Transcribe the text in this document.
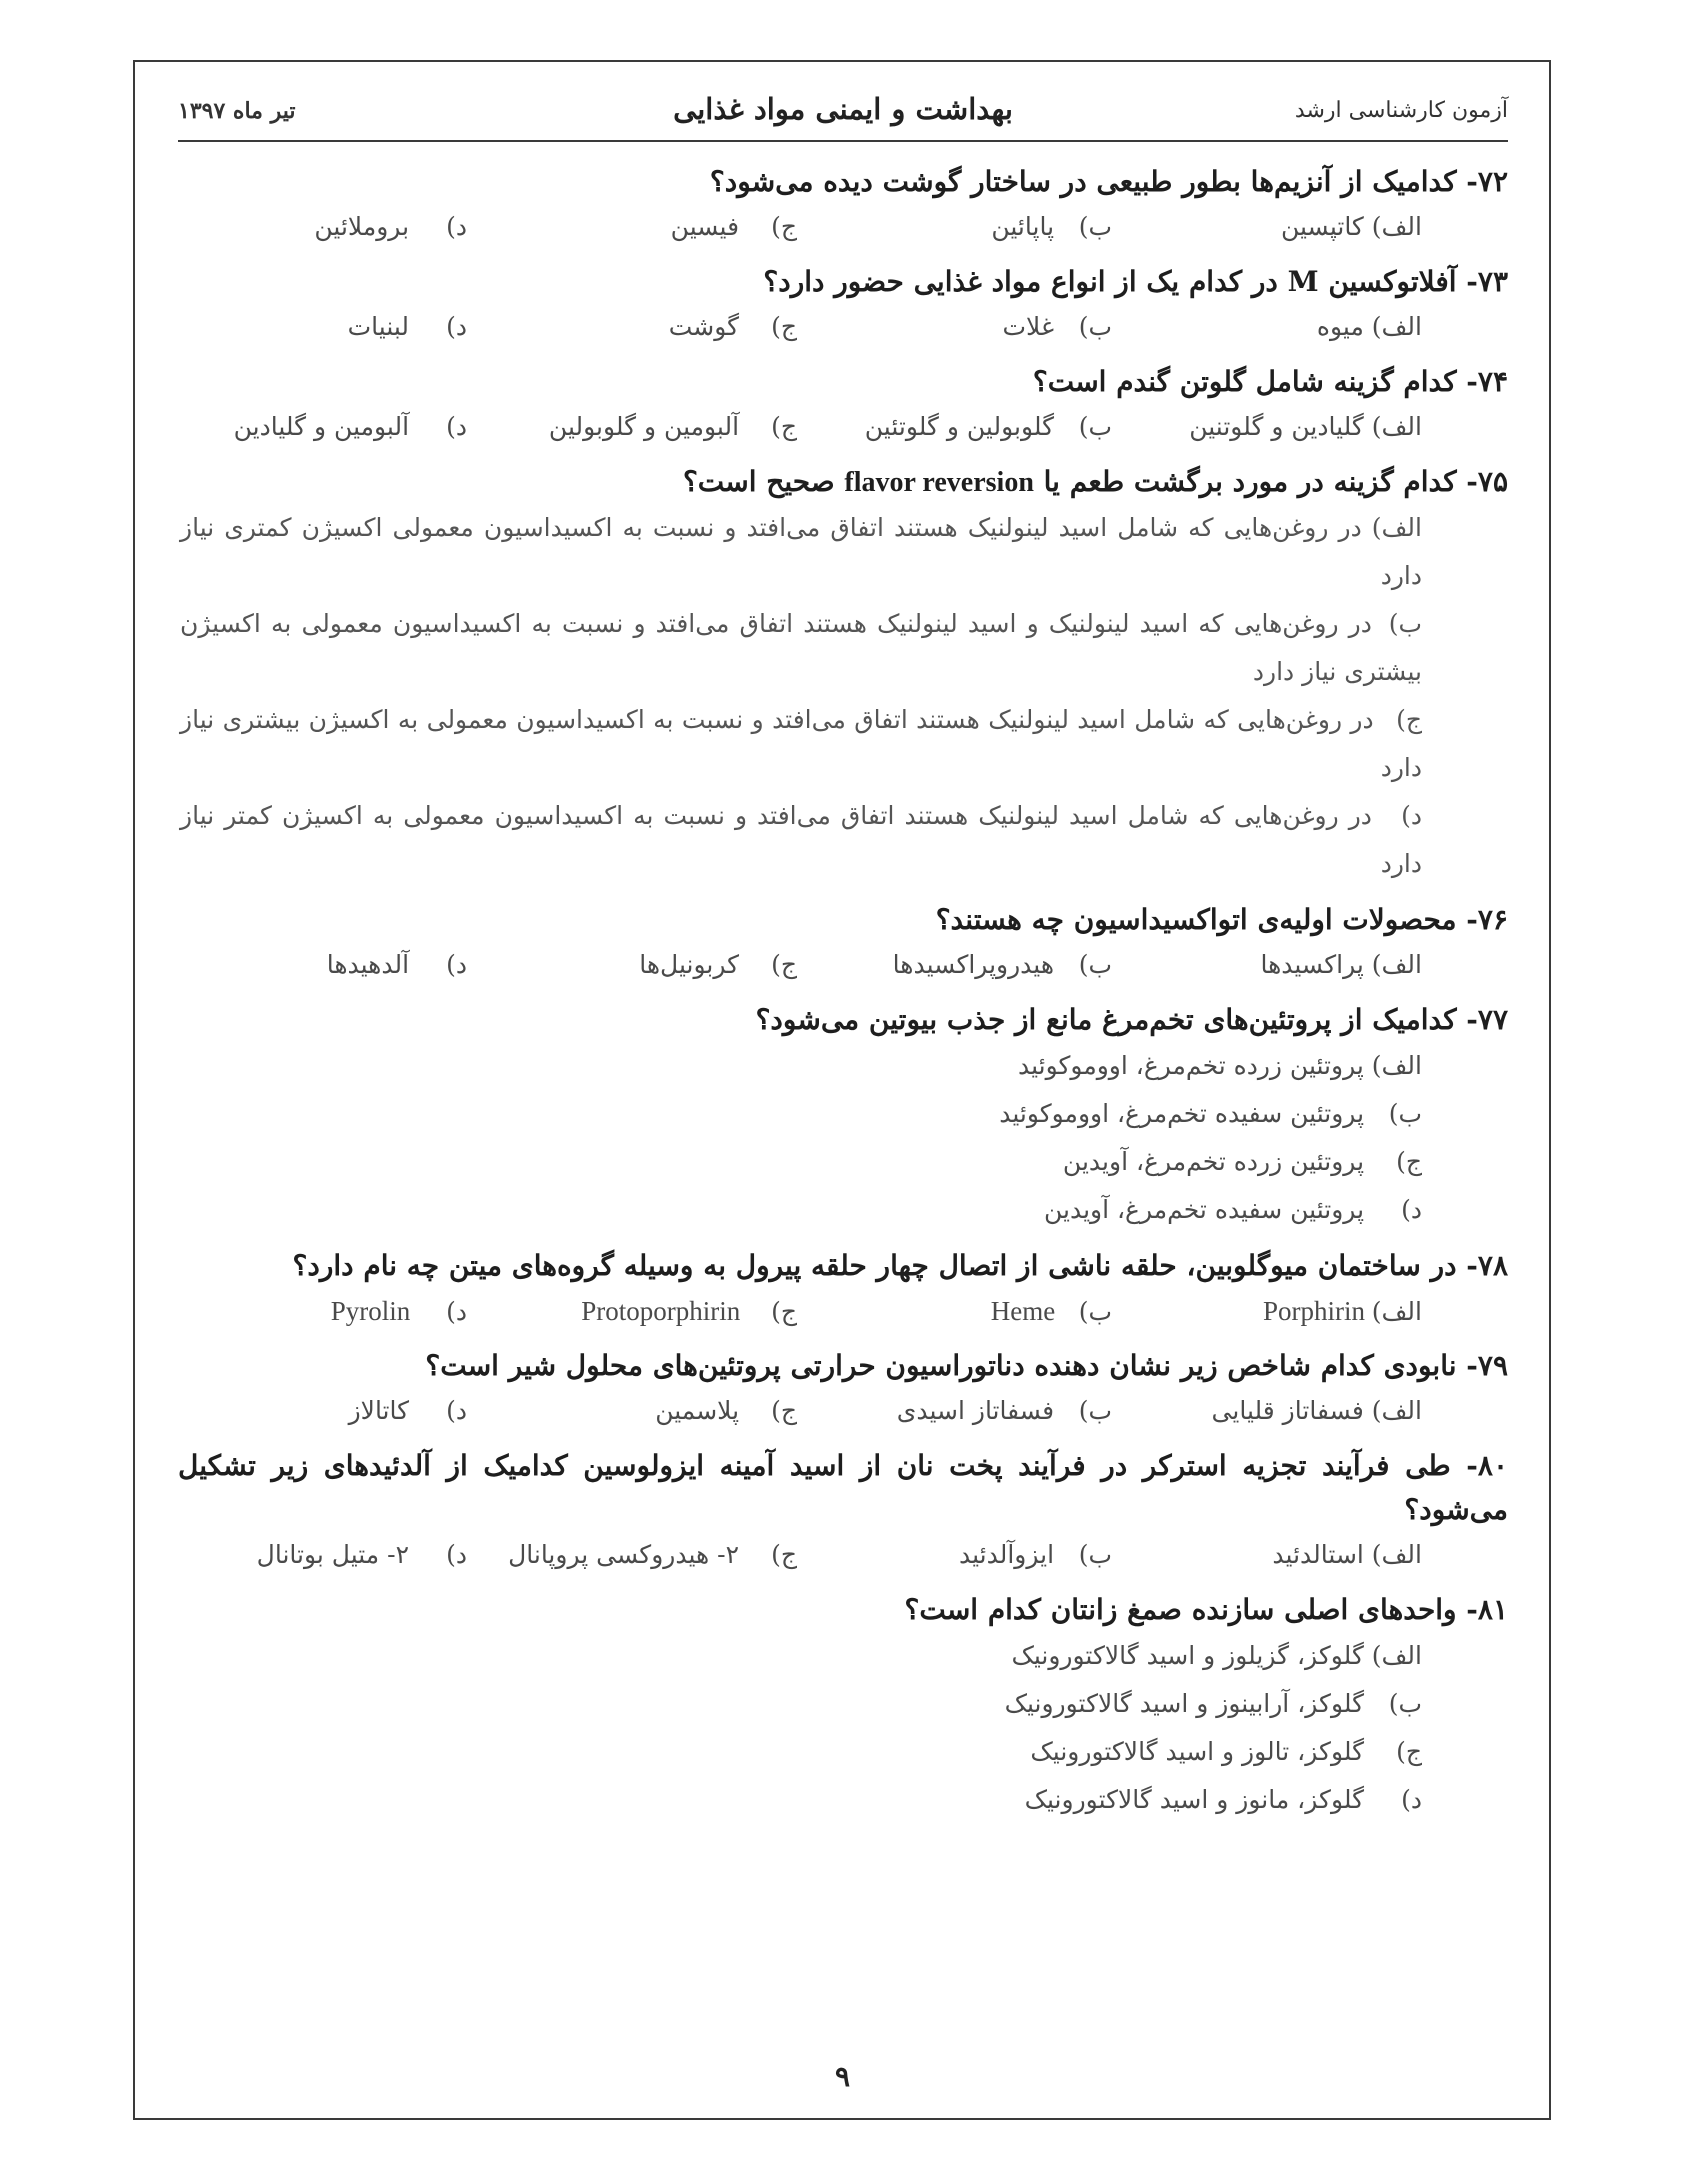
آزمون کارشناسی ارشد
بهداشت و ایمنی مواد غذایی
تیر ماه ۱۳۹۷
۷۲- کدامیک از آنزیم‌ها بطور طبیعی در ساختار گوشت دیده می‌شود؟
الف) کاتپسین
ب) پاپائین
ج) فیسین
د) بروملائین
۷۳- آفلاتوکسین M در کدام یک از انواع مواد غذایی حضور دارد؟
الف) میوه
ب) غلات
ج) گوشت
د) لبنیات
۷۴- کدام گزینه شامل گلوتن گندم است؟
الف) گلیادین و گلوتنین
ب) گلوبولین و گلوتئین
ج) آلبومین و گلوبولین
د) آلبومین و گلیادین
۷۵- کدام گزینه در مورد برگشت طعم یا flavor reversion صحیح است؟
الف) در روغن‌هایی که شامل اسید لینولنیک هستند اتفاق می‌افتد و نسبت به اکسیداسیون معمولی اکسیژن کمتری نیاز دارد
ب) در روغن‌هایی که اسید لینولنیک و اسید لینولنیک هستند اتفاق می‌افتد و نسبت به اکسیداسیون معمولی به اکسیژن بیشتری نیاز دارد
ج) در روغن‌هایی که شامل اسید لینولنیک هستند اتفاق می‌افتد و نسبت به اکسیداسیون معمولی به اکسیژن بیشتری نیاز دارد
د) در روغن‌هایی که شامل اسید لینولنیک هستند اتفاق می‌افتد و نسبت به اکسیداسیون معمولی به اکسیژن کمتر نیاز دارد
۷۶- محصولات اولیه‌ی اتواکسیداسیون چه هستند؟
الف) پراکسیدها
ب) هیدروپراکسیدها
ج) کربونیل‌ها
د) آلدهیدها
۷۷- کدامیک از پروتئین‌های تخم‌مرغ مانع از جذب بیوتین می‌شود؟
الف) پروتئین زرده تخم‌مرغ، اووموکوئید
ب) پروتئین سفیده تخم‌مرغ، اووموکوئید
ج) پروتئین زرده تخم‌مرغ، آویدین
د) پروتئین سفیده تخم‌مرغ، آویدین
۷۸- در ساختمان میوگلوبین، حلقه ناشی از اتصال چهار حلقه پیرول به وسیله گروه‌های میتن چه نام دارد؟
الف) Porphirin
ب) Heme
ج) Protoporphirin
د) Pyrolin
۷۹- نابودی کدام شاخص زیر نشان دهنده دناتوراسیون حرارتی پروتئین‌های محلول شیر است؟
الف) فسفاتاز قلیایی
ب) فسفاتاز اسیدی
ج) پلاسمین
د) کاتالاز
۸۰- طی فرآیند تجزیه استرکر در فرآیند پخت نان از اسید آمینه ایزولوسین کدامیک از آلدئیدهای زیر تشکیل می‌شود؟
الف) استالدئید
ب) ایزوآلدئید
ج) ۲- هیدروکسی پروپانال
د) ۲- متیل بوتانال
۸۱- واحدهای اصلی سازنده صمغ زانتان کدام است؟
الف) گلوکز، گزیلوز و اسید گالاکتورونیک
ب) گلوکز، آرابینوز و اسید گالاکتورونیک
ج) گلوکز، تالوز و اسید گالاکتورونیک
د) گلوکز، مانوز و اسید گالاکتورونیک
۹
